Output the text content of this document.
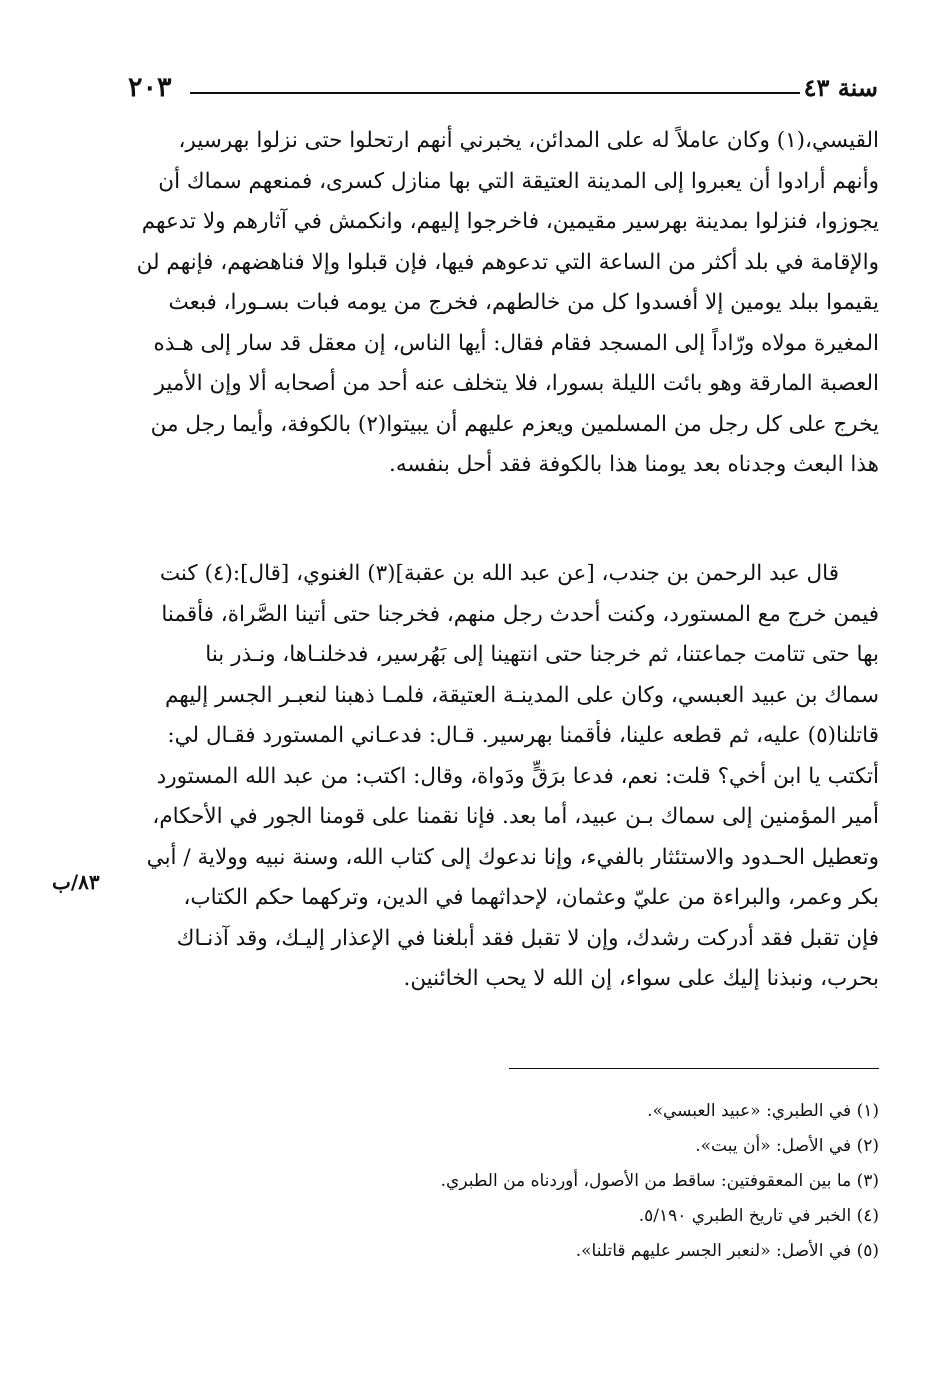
٢٠٣	سنة ٤٣
القيسي،(١) وكان عاملاً له على المدائن، يخبرني أنهم ارتحلوا حتى نزلوا بهرسير،
وأنهم أرادوا أن يعبروا إلى المدينة العتيقة التي بها منازل كسرى، فمنعهم سماك أن
يجوزوا، فنزلوا بمدينة بهرسير مقيمين، فاخرجوا إليهم، وانكمش في آثارهم ولا تدعهم
والإقامة في بلد أكثر من الساعة التي تدعوهم فيها، فإن قبلوا وإلا فناهضهم، فإنهم لن
يقيموا ببلد يومين إلا أفسدوا كل من خالطهم، فخرج من يومه فبات بسـورا، فبعث
المغيرة مولاه ورّاداً إلى المسجد فقام فقال: أيها الناس، إن معقل قد سار إلى هـذه
العصبة المارقة وهو بائت الليلة بسورا، فلا يتخلف عنه أحد من أصحابه ألا وإن الأمير
يخرج على كل رجل من المسلمين ويعزم عليهم أن يبيتوا(٢) بالكوفة، وأيما رجل من
هذا البعث وجدناه بعد يومنا هذا بالكوفة فقد أحل بنفسه.
قال عبد الرحمن بن جندب، [عن عبد الله بن عقبة](٣) الغنوي، [قال]:(٤) كنت
فيمن خرج مع المستورد، وكنت أحدث رجل منهم، فخرجنا حتى أتينا الصَّراة، فأقمنا
بها حتى تتامت جماعتنا، ثم خرجنا حتى انتهينا إلى بَهُرسير، فدخلنـاها، ونـذر بنا
سماك بن عبيد العبسي، وكان على المدينـة العتيقة، فلمـا ذهبنا لنعبـر الجسر إليهم
قاتلنا(٥) عليه، ثم قطعه علينا، فأقمنا بهرسير. قـال: فدعـاني المستورد فقـال لي:
أتكتب يا ابن أخي؟ قلت: نعم، فدعا برَقٍّ ودَواة، وقال: اكتب: من عبد الله المستورد
أمير المؤمنين إلى سماك بـن عبيد، أما بعد. فإنا نقمنا على قومنا الجور في الأحكام،
وتعطيل الحـدود والاستئثار بالفيء، وإنا ندعوك إلى كتاب الله، وسنة نبيه وولاية / أبي
بكر وعمر، والبراءة من عليّ وعثمان، لإحداثهما في الدين، وتركهما حكم الكتاب،
فإن تقبل فقد أدركت رشدك، وإن لا تقبل فقد أبلغنا في الإعذار إليـك، وقد آذنـاك
بحرب، ونبذنا إليك على سواء، إن الله لا يحب الخائنين.
٨٣/ب
(١) في الطبري: «عبيد العبسي».
(٢) في الأصل: «أن يبت».
(٣) ما بين المعقوفتين: ساقط من الأصول، أوردناه من الطبري.
(٤) الخبر في تاريخ الطبري ٥/١٩٠.
(٥) في الأصل: «لنعبر الجسر عليهم قاتلنا».
